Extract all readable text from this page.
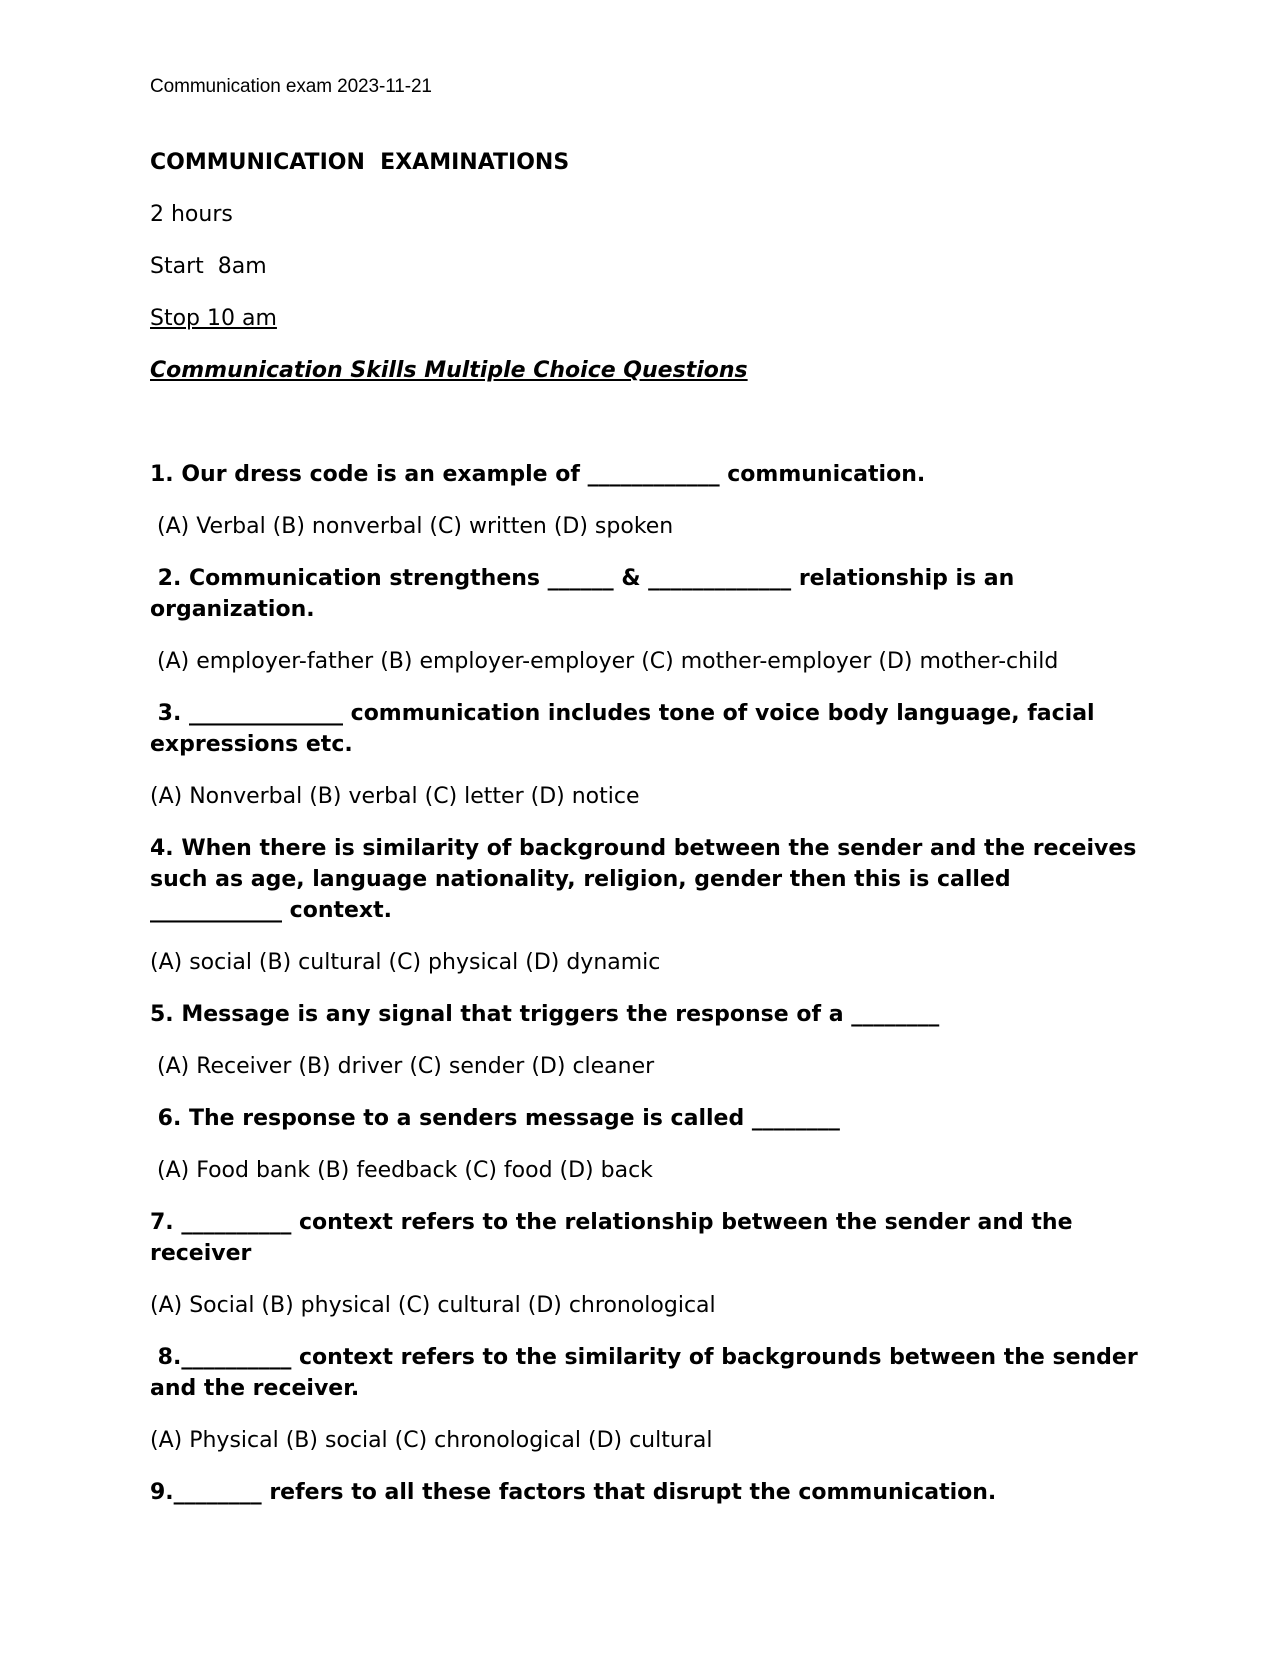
Communication exam 2023-11-21

COMMUNICATION  EXAMINATIONS

2 hours

Start  8am

Stop 10 am

Communication Skills Multiple Choice Questions

1. Our dress code is an example of ____________ communication.

(A) Verbal (B) nonverbal (C) written (D) spoken

2. Communication strengthens ______ & _____________ relationship is an organization.

(A) employer-father (B) employer-employer (C) mother-employer (D) mother-child

3. ______________ communication includes tone of voice body language, facial expressions etc.

(A) Nonverbal (B) verbal (C) letter (D) notice

4. When there is similarity of background between the sender and the receives such as age, language nationality, religion, gender then this is called ____________ context.

(A) social (B) cultural (C) physical (D) dynamic

5. Message is any signal that triggers the response of a ________

(A) Receiver (B) driver (C) sender (D) cleaner

6. The response to a senders message is called ________

(A) Food bank (B) feedback (C) food (D) back

7. __________ context refers to the relationship between the sender and the receiver

(A) Social (B) physical (C) cultural (D) chronological

8.__________ context refers to the similarity of backgrounds between the sender and the receiver.

(A) Physical (B) social (C) chronological (D) cultural

9.________ refers to all these factors that disrupt the communication.
